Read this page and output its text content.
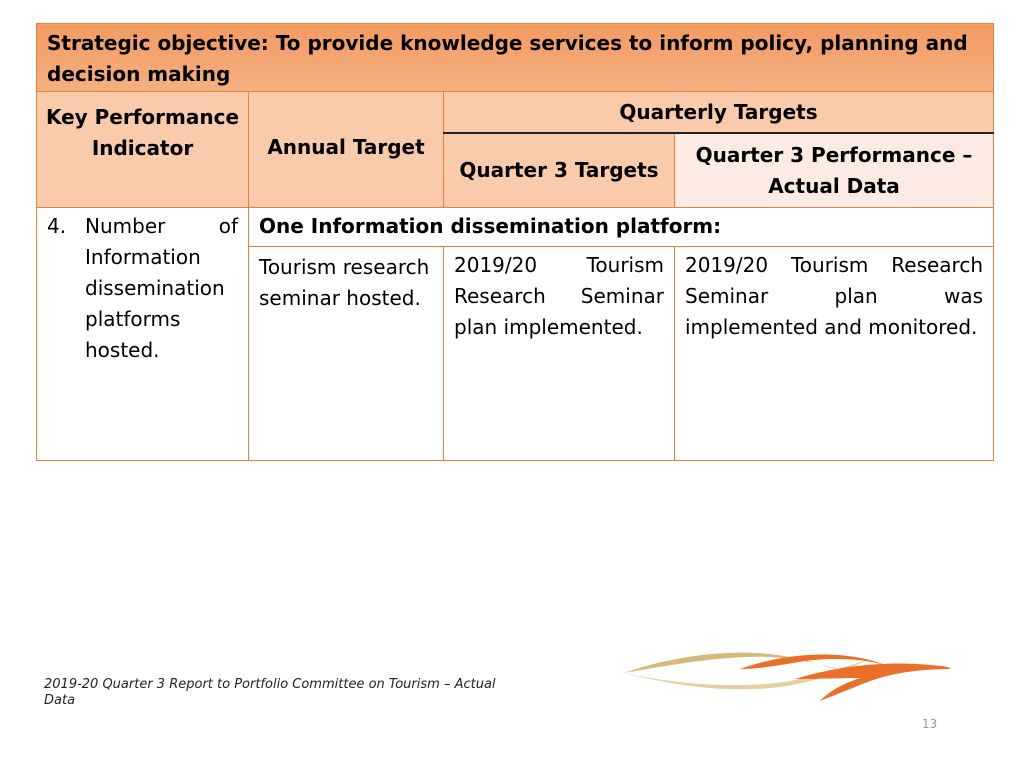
Strategic objective: To provide knowledge services to inform policy, planning and decision making			
Key Performance Indicator	Annual Target	Quarterly Targets	
		Quarter 3 Targets	Quarter 3 Performance – Actual Data

4. Number of Information dissemination platforms hosted.	One Information dissemination platform:		
	Tourism research seminar hosted.	2019/20 Tourism Research Seminar plan implemented.	2019/20 Tourism Research Seminar plan was implemented and monitored.
2019-20 Quarter 3 Report to Portfolio Committee on Tourism – Actual Data
13
